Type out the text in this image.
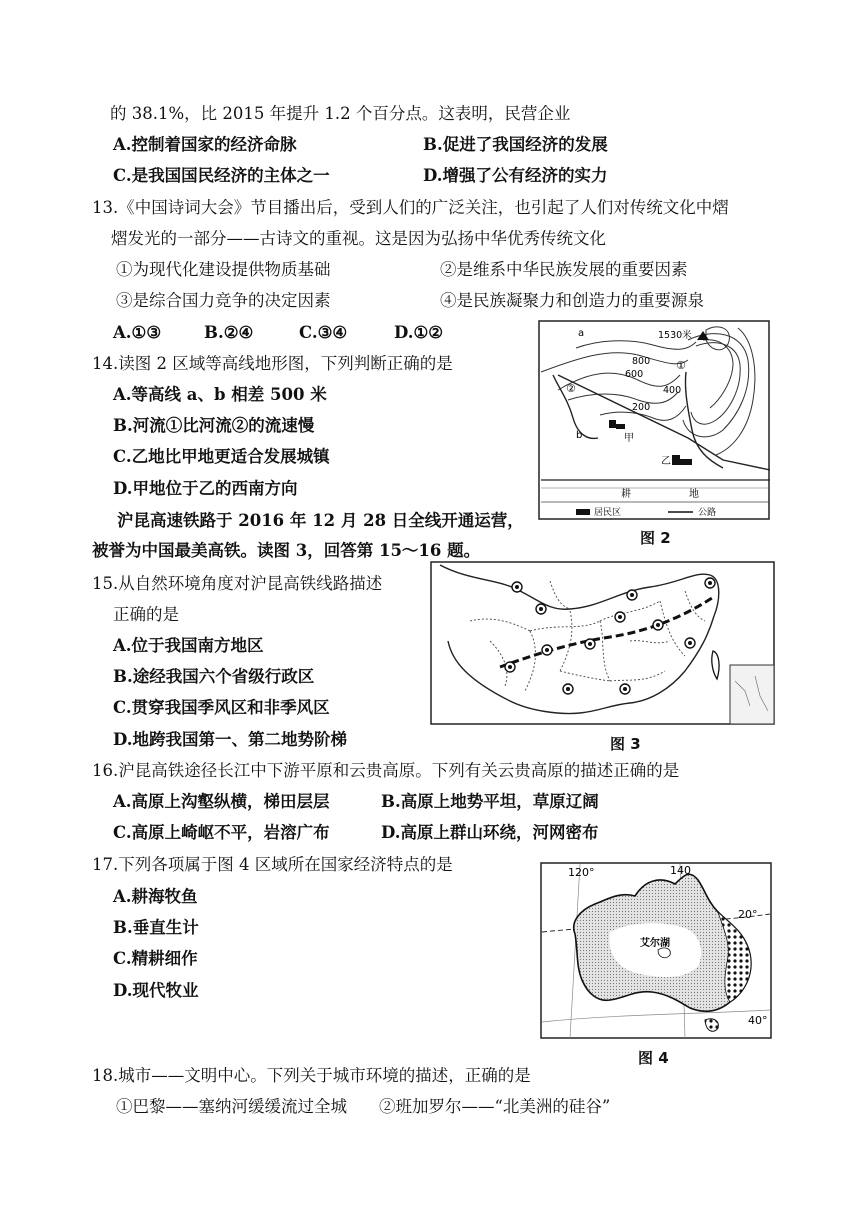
的 38.1%，比 2015 年提升 1.2 个百分点。这表明，民营企业
A.控制着国家的经济命脉	B.促进了我国经济的发展
C.是我国国民经济的主体之一	D.增强了公有经济的实力
13.《中国诗词大会》节目播出后，受到人们的广泛关注，也引起了人们对传统文化中熠
熠发光的一部分——古诗文的重视。这是因为弘扬中华优秀传统文化
①为现代化建设提供物质基础	②是维系中华民族发展的重要因素
③是综合国力竞争的决定因素	④是民族凝聚力和创造力的重要源泉
A.①③	B.②④	C.③④	D.①②
14.读图 2 区域等高线地形图，下列判断正确的是
A.等高线 a、b 相差 500 米
B.河流①比河流②的流速慢
C.乙地比甲地更适合发展城镇
D.甲地位于乙的西南方向
a	1530米
800
600
400
200
①
②
b	甲
乙
耕	地
居民区	公路
图 2
沪昆高速铁路于 2016 年 12 月 28 日全线开通运营，
被誉为中国最美高铁。读图 3，回答第 15～16 题。
15.从自然环境角度对沪昆高铁线路描述
正确的是
A.位于我国南方地区
B.途经我国六个省级行政区
C.贯穿我国季风区和非季风区
D.地跨我国第一、第二地势阶梯	图 3
16.沪昆高铁途径长江中下游平原和云贵高原。下列有关云贵高原的描述正确的是
A.高原上沟壑纵横，梯田层层	B.高原上地势平坦，草原辽阔
C.高原上崎岖不平，岩溶广布	D.高原上群山环绕，河网密布
17.下列各项属于图 4 区域所在国家经济特点的是
A.耕海牧鱼
B.垂直生计
C.精耕细作
D.现代牧业
120°	140
20°
40°
艾尔湖
图 4
18.城市——文明中心。下列关于城市环境的描述，正确的是
①巴黎——塞纳河缓缓流过全城 ②班加罗尔——“北美洲的硅谷”
